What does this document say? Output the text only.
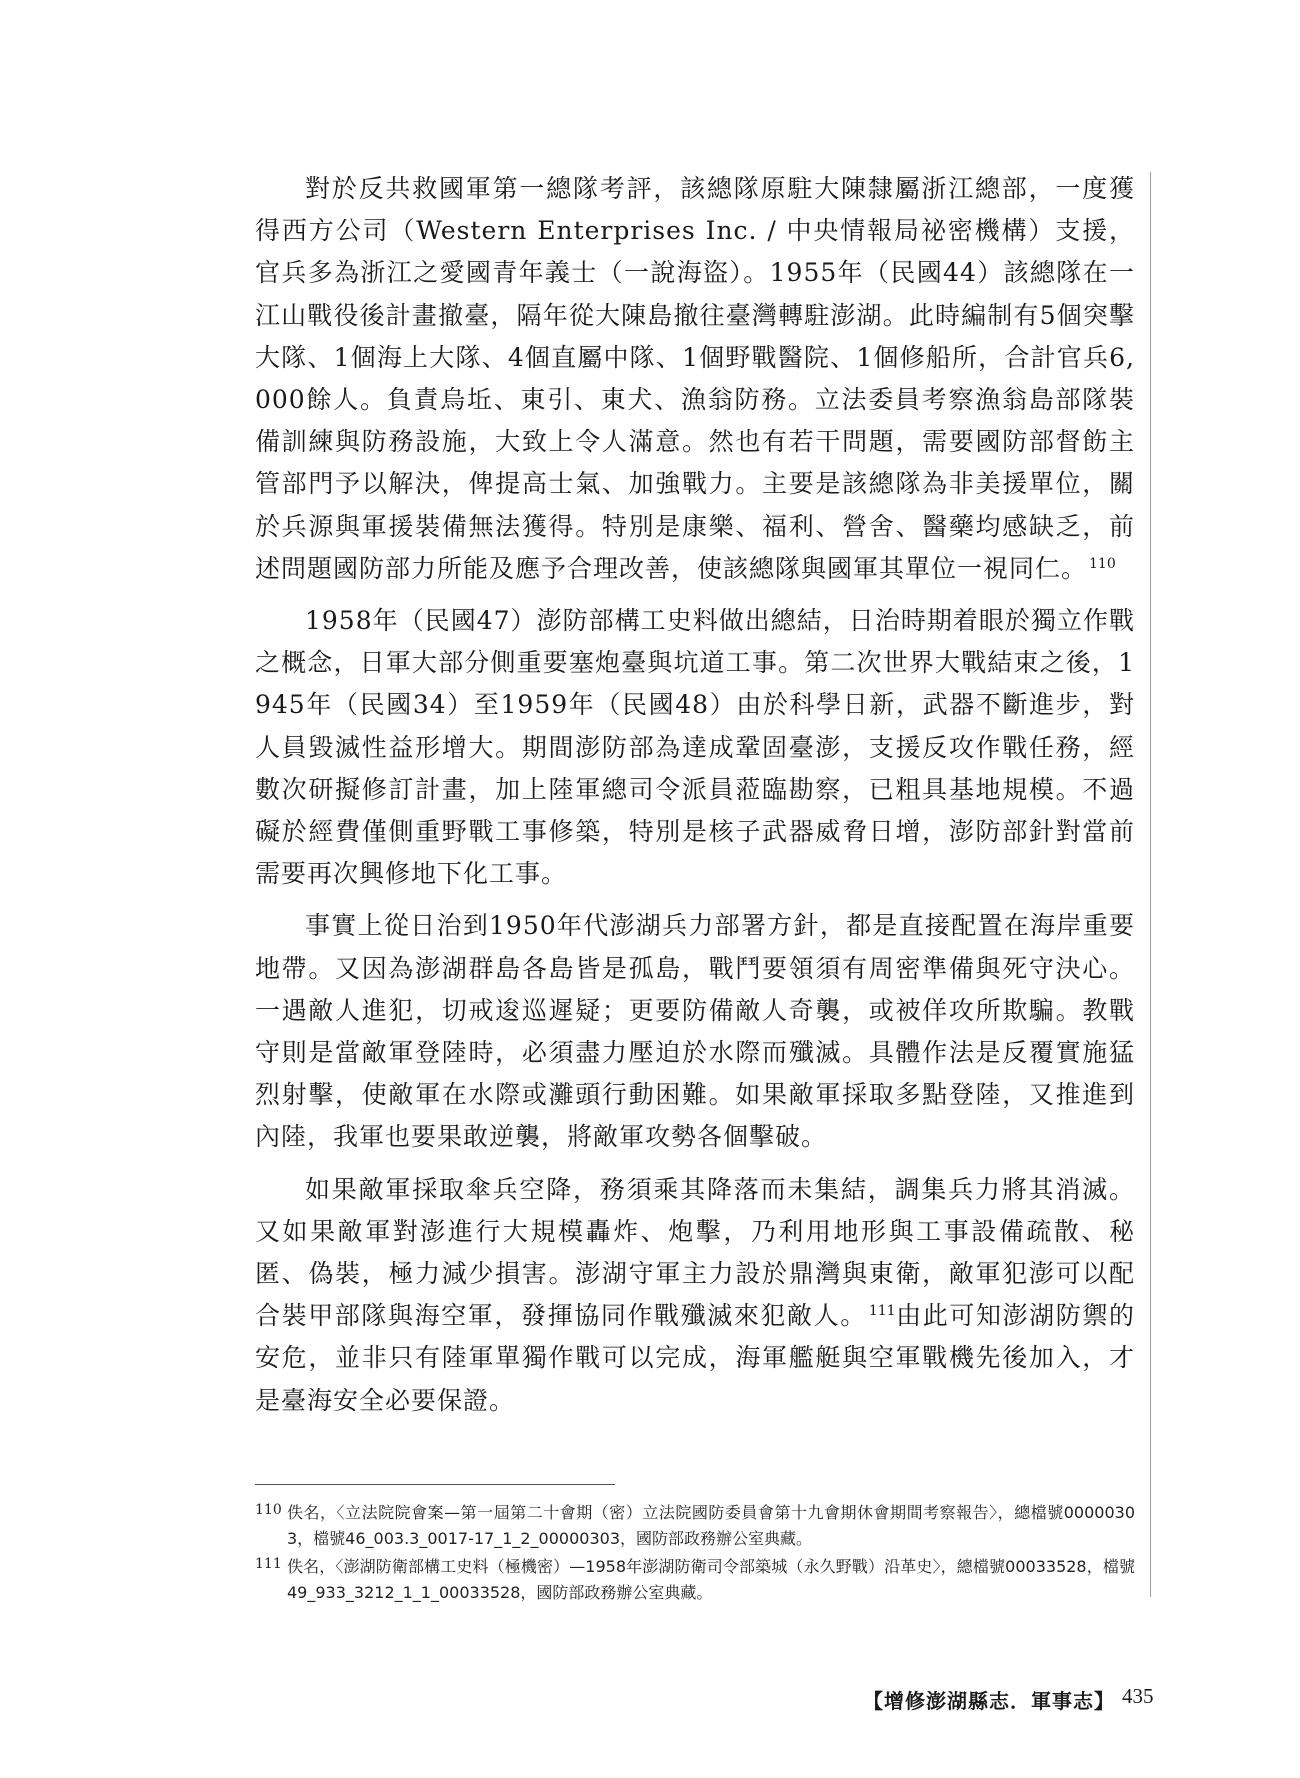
對於反共救國軍第一總隊考評，該總隊原駐大陳隸屬浙江總部，一度獲得西方公司（Western Enterprises Inc. / 中央情報局祕密機構）支援，官兵多為浙江之愛國青年義士（一說海盜）。1955年（民國44）該總隊在一江山戰役後計畫撤臺，隔年從大陳島撤往臺灣轉駐澎湖。此時編制有5個突擊大隊、1個海上大隊、4個直屬中隊、1個野戰醫院、1個修船所，合計官兵6,000餘人。負責烏坵、東引、東犬、漁翁防務。立法委員考察漁翁島部隊裝備訓練與防務設施，大致上令人滿意。然也有若干問題，需要國防部督飭主管部門予以解決，俾提高士氣、加強戰力。主要是該總隊為非美援單位，關於兵源與軍援裝備無法獲得。特別是康樂、福利、營舍、醫藥均感缺乏，前述問題國防部力所能及應予合理改善，使該總隊與國軍其單位一視同仁。 $^{110}$

1958年（民國47）澎防部構工史料做出總結，日治時期着眼於獨立作戰之概念，日軍大部分側重要塞炮臺與坑道工事。第二次世界大戰結束之後，1945年（民國34）至1959年（民國48）由於科學日新，武器不斷進步，對人員毀滅性益形增大。期間澎防部為達成鞏固臺澎，支援反攻作戰任務，經數次研擬修訂計畫，加上陸軍總司令派員蒞臨勘察，已粗具基地規模。不過礙於經費僅側重野戰工事修築，特別是核子武器威脅日增，澎防部針對當前需要再次興修地下化工事。

事實上從日治到1950年代澎湖兵力部署方針，都是直接配置在海岸重要地帶。又因為澎湖群島各島皆是孤島，戰鬥要領須有周密準備與死守決心。一遇敵人進犯，切戒逡巡遲疑；更要防備敵人奇襲，或被佯攻所欺騙。教戰守則是當敵軍登陸時，必須盡力壓迫於水際而殲滅。具體作法是反覆實施猛烈射擊，使敵軍在水際或灘頭行動困難。如果敵軍採取多點登陸，又推進到內陸，我軍也要果敢逆襲，將敵軍攻勢各個擊破。

如果敵軍採取傘兵空降，務須乘其降落而未集結，調集兵力將其消滅。又如果敵軍對澎進行大規模轟炸、炮擊，乃利用地形與工事設備疏散、秘匿、偽裝，極力減少損害。澎湖守軍主力設於鼎灣與東衛，敵軍犯澎可以配合裝甲部隊與海空軍，發揮協同作戰殲滅來犯敵人。 $^{111}$由此可知澎湖防禦的安危，並非只有陸軍單獨作戰可以完成，海軍艦艇與空軍戰機先後加入，才是臺海安全必要保證。

110 佚名，〈立法院院會案—第一屆第二十會期（密）立法院國防委員會第十九會期休會期間考察報告〉，總檔號00000303，檔號46_003.3_0017-17_1_2_00000303，國防部政務辦公室典藏。
111 佚名，〈澎湖防衛部構工史料（極機密）—1958年澎湖防衛司令部築城（永久野戰）沿革史〉，總檔號00033528，檔號49_933_3212_1_1_00033528，國防部政務辦公室典藏。
【增修澎湖縣志．軍事志】 435
